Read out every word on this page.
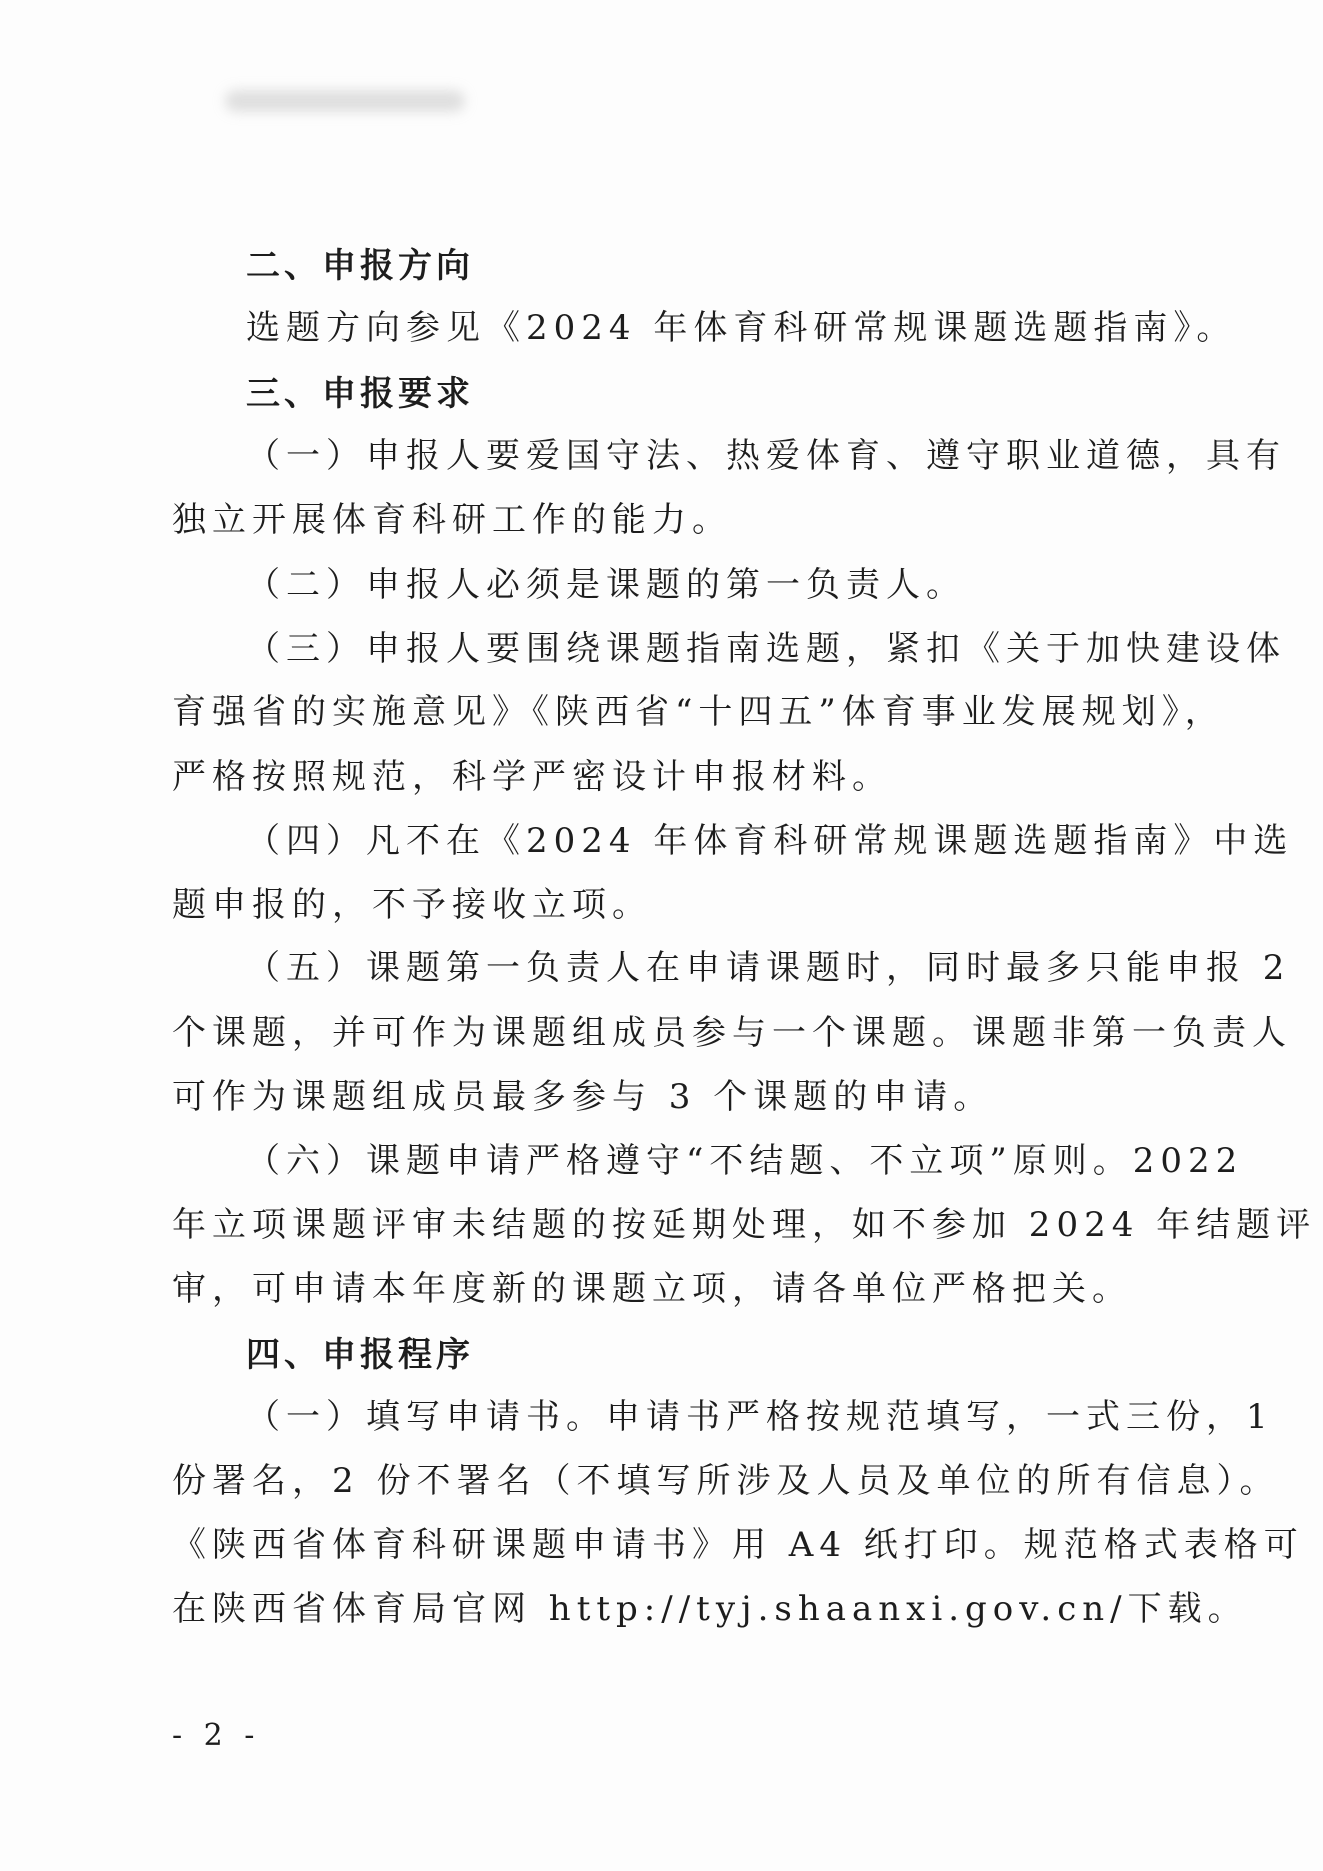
二、申报方向
选题方向参见《2024 年体育科研常规课题选题指南》。
三、申报要求
（一）申报人要爱国守法、热爱体育、遵守职业道德，具有
独立开展体育科研工作的能力。
（二）申报人必须是课题的第一负责人。
（三）申报人要围绕课题指南选题，紧扣《关于加快建设体
育强省的实施意见》《陕西省“十四五”体育事业发展规划》，
严格按照规范，科学严密设计申报材料。
（四）凡不在《2024 年体育科研常规课题选题指南》中选
题申报的，不予接收立项。
（五）课题第一负责人在申请课题时，同时最多只能申报 2
个课题，并可作为课题组成员参与一个课题。课题非第一负责人
可作为课题组成员最多参与 3 个课题的申请。
（六）课题申请严格遵守“不结题、不立项”原则。2022
年立项课题评审未结题的按延期处理，如不参加 2024 年结题评
审，可申请本年度新的课题立项，请各单位严格把关。
四、申报程序
（一）填写申请书。申请书严格按规范填写，一式三份，1
份署名，2 份不署名（不填写所涉及人员及单位的所有信息）。
《陕西省体育科研课题申请书》用 A4 纸打印。规范格式表格可
在陕西省体育局官网 http://tyj.shaanxi.gov.cn/下载。
- 2 -
